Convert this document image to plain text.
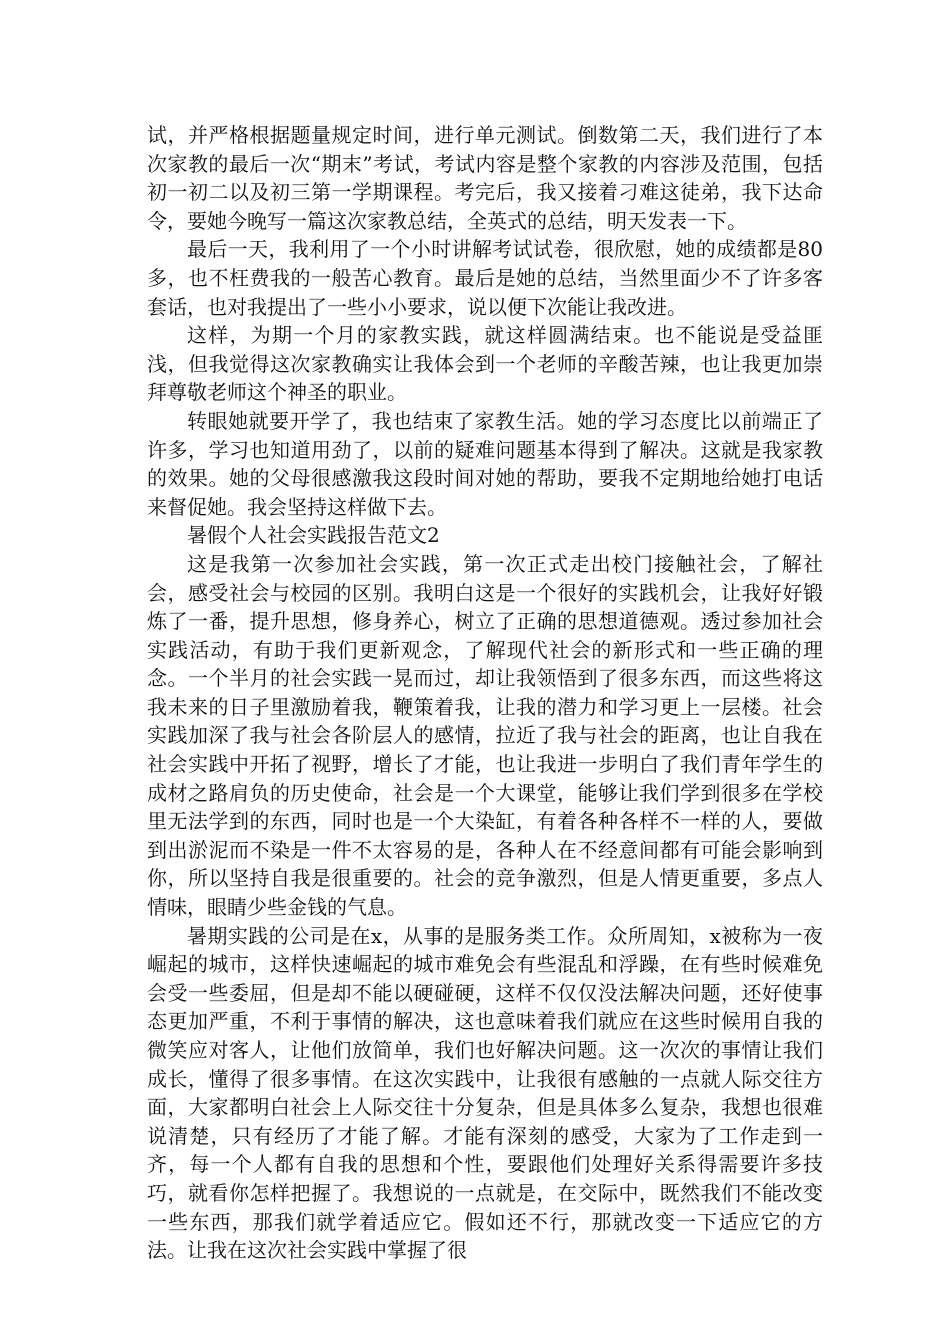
试，并严格根据题量规定时间，进行单元测试。倒数第二天，我们进行了本次家教的最后一次“期末”考试，考试内容是整个家教的内容涉及范围，包括初一初二以及初三第一学期课程。考完后，我又接着刁难这徒弟，我下达命令，要她今晚写一篇这次家教总结，全英式的总结，明天发表一下。

最后一天，我利用了一个小时讲解考试试卷，很欣慰，她的成绩都是80多，也不枉费我的一般苦心教育。最后是她的总结，当然里面少不了许多客套话，也对我提出了一些小小要求，说以便下次能让我改进。

这样，为期一个月的家教实践，就这样圆满结束。也不能说是受益匪浅，但我觉得这次家教确实让我体会到一个老师的辛酸苦辣，也让我更加崇拜尊敬老师这个神圣的职业。

转眼她就要开学了，我也结束了家教生活。她的学习态度比以前端正了许多，学习也知道用劲了，以前的疑难问题基本得到了解决。这就是我家教的效果。她的父母很感激我这段时间对她的帮助，要我不定期地给她打电话来督促她。我会坚持这样做下去。

暑假个人社会实践报告范文2

这是我第一次参加社会实践，第一次正式走出校门接触社会，了解社会，感受社会与校园的区别。我明白这是一个很好的实践机会，让我好好锻炼了一番，提升思想，修身养心，树立了正确的思想道德观。透过参加社会实践活动，有助于我们更新观念，了解现代社会的新形式和一些正确的理念。一个半月的社会实践一晃而过，却让我领悟到了很多东西，而这些将这我未来的日子里激励着我，鞭策着我，让我的潜力和学习更上一层楼。社会实践加深了我与社会各阶层人的感情，拉近了我与社会的距离，也让自我在社会实践中开拓了视野，增长了才能，也让我进一步明白了我们青年学生的成材之路肩负的历史使命，社会是一个大课堂，能够让我们学到很多在学校里无法学到的东西，同时也是一个大染缸，有着各种各样不一样的人，要做到出淤泥而不染是一件不太容易的是，各种人在不经意间都有可能会影响到你，所以坚持自我是很重要的。社会的竞争激烈，但是人情更重要，多点人情味，眼睛少些金钱的气息。

暑期实践的公司是在x，从事的是服务类工作。众所周知，x被称为一夜崛起的城市，这样快速崛起的城市难免会有些混乱和浮躁，在有些时候难免会受一些委屈，但是却不能以硬碰硬，这样不仅仅没法解决问题，还好使事态更加严重，不利于事情的解决，这也意味着我们就应在这些时候用自我的微笑应对客人，让他们放简单，我们也好解决问题。这一次次的事情让我们成长，懂得了很多事情。在这次实践中，让我很有感触的一点就人际交往方面，大家都明白社会上人际交往十分复杂，但是具体多么复杂，我想也很难说清楚，只有经历了才能了解。才能有深刻的感受，大家为了工作走到一齐，每一个人都有自我的思想和个性，要跟他们处理好关系得需要许多技巧，就看你怎样把握了。我想说的一点就是，在交际中，既然我们不能改变一些东西，那我们就学着适应它。假如还不行，那就改变一下适应它的方法。让我在这次社会实践中掌握了很
